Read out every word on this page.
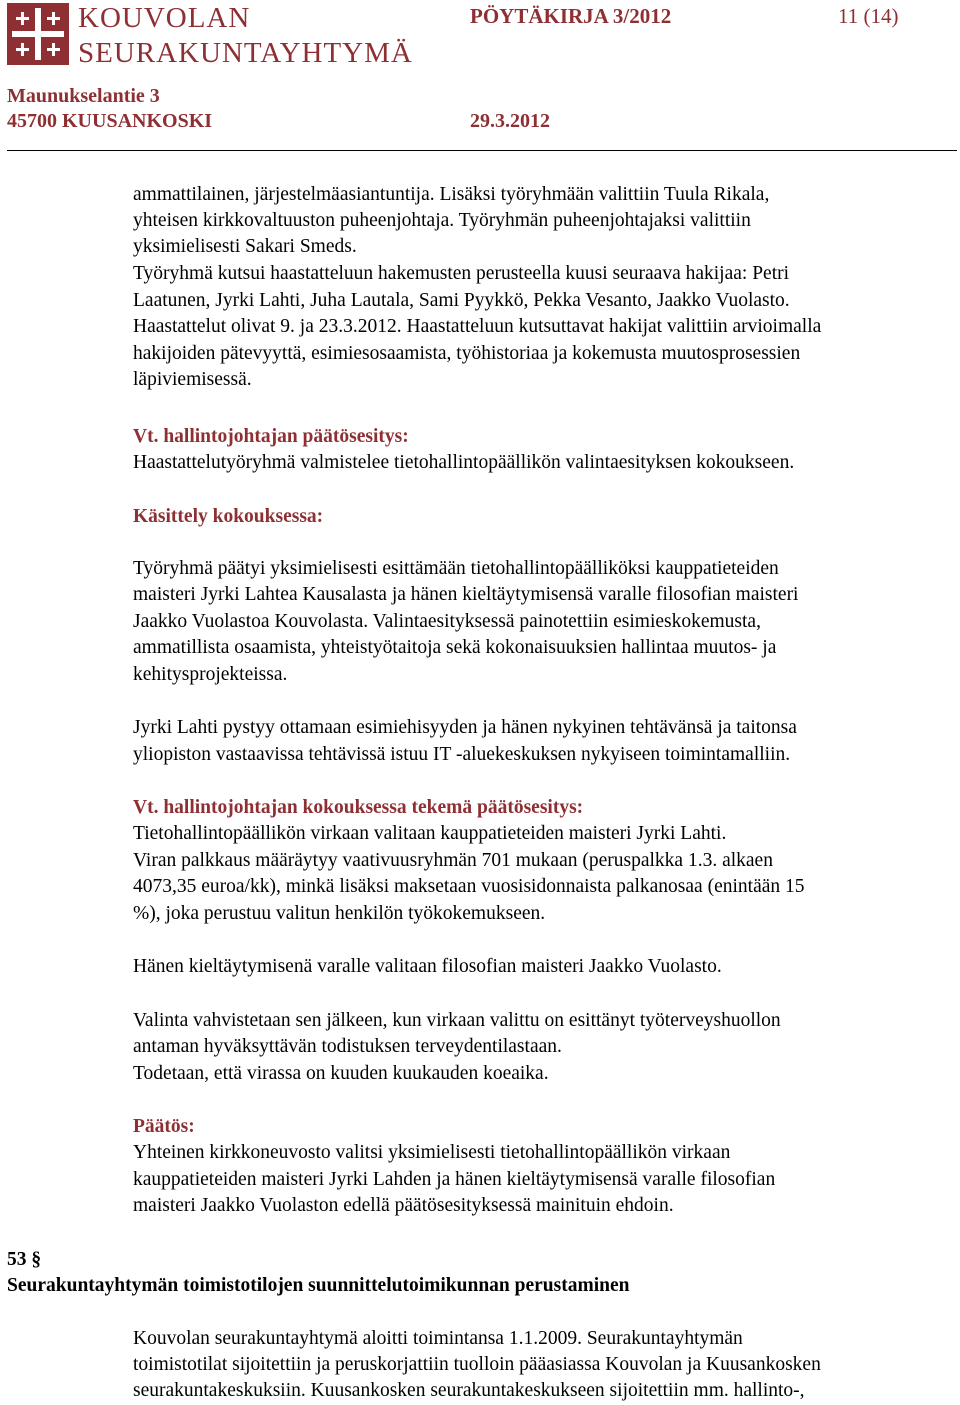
KOUVOLAN
SEURAKUNTAYHTYMÄ
Maunukselantie 3
45700 KUUSANKOSKI	29.3.2012
PÖYTÄKIRJA 3/2012	11 (14)
ammattilainen, järjestelmäasiantuntija. Lisäksi työryhmään valittiin Tuula Rikala,
yhteisen kirkkovaltuuston puheenjohtaja. Työryhmän puheenjohtajaksi valittiin
yksimielisesti Sakari Smeds.
Työryhmä kutsui haastatteluun hakemusten perusteella kuusi seuraava hakijaa: Petri
Laatunen, Jyrki Lahti, Juha Lautala, Sami Pyykkö, Pekka Vesanto, Jaakko Vuolasto.
Haastattelut olivat 9. ja 23.3.2012. Haastatteluun kutsuttavat hakijat valittiin arvioimalla
hakijoiden pätevyyttä, esimiesosaamista, työhistoriaa ja kokemusta muutosprosessien
läpiviemisessä.
Vt. hallintojohtajan päätösesitys:
Haastattelutyöryhmä valmistelee tietohallintopäällikön valintaesityksen kokoukseen.
Käsittely kokouksessa:
Työryhmä päätyi yksimielisesti esittämään tietohallintopäälliköksi kauppatieteiden
maisteri Jyrki Lahtea Kausalasta ja hänen kieltäytymisensä varalle filosofian maisteri
Jaakko Vuolastoa Kouvolasta. Valintaesityksessä painotettiin esimieskokemusta,
ammatillista osaamista, yhteistyötaitoja sekä kokonaisuuksien hallintaa muutos- ja
kehitysprojekteissa.
Jyrki Lahti pystyy ottamaan esimiehisyyden ja hänen nykyinen tehtävänsä ja taitonsa
yliopiston vastaavissa tehtävissä istuu IT -aluekeskuksen nykyiseen toimintamalliin.
Vt. hallintojohtajan kokouksessa tekemä päätösesitys:
Tietohallintopäällikön virkaan valitaan kauppatieteiden maisteri Jyrki Lahti.
Viran palkkaus määräytyy vaativuusryhmän 701 mukaan (peruspalkka 1.3. alkaen
4073,35 euroa/kk), minkä lisäksi maksetaan vuosisidonnaista palkanosaa (enintään 15
%), joka perustuu valitun henkilön työkokemukseen.
Hänen kieltäytymisenä varalle valitaan filosofian maisteri Jaakko Vuolasto.
Valinta vahvistetaan sen jälkeen, kun virkaan valittu on esittänyt työterveyshuollon
antaman hyväksyttävän todistuksen terveydentilastaan.
Todetaan, että virassa on kuuden kuukauden koeaika.
Päätös:
Yhteinen kirkkoneuvosto valitsi yksimielisesti tietohallintopäällikön virkaan
kauppatieteiden maisteri Jyrki Lahden ja hänen kieltäytymisensä varalle filosofian
maisteri Jaakko Vuolaston edellä päätösesityksessä mainituin ehdoin.
53 §
Seurakuntayhtymän toimistotilojen suunnittelutoimikunnan perustaminen
Kouvolan seurakuntayhtymä aloitti toimintansa 1.1.2009. Seurakuntayhtymän
toimistotilat sijoitettiin ja peruskorjattiin tuolloin pääasiassa Kouvolan ja Kuusankosken
seurakuntakeskuksiin. Kuusankosken seurakuntakeskukseen sijoitettiin mm. hallinto-,
